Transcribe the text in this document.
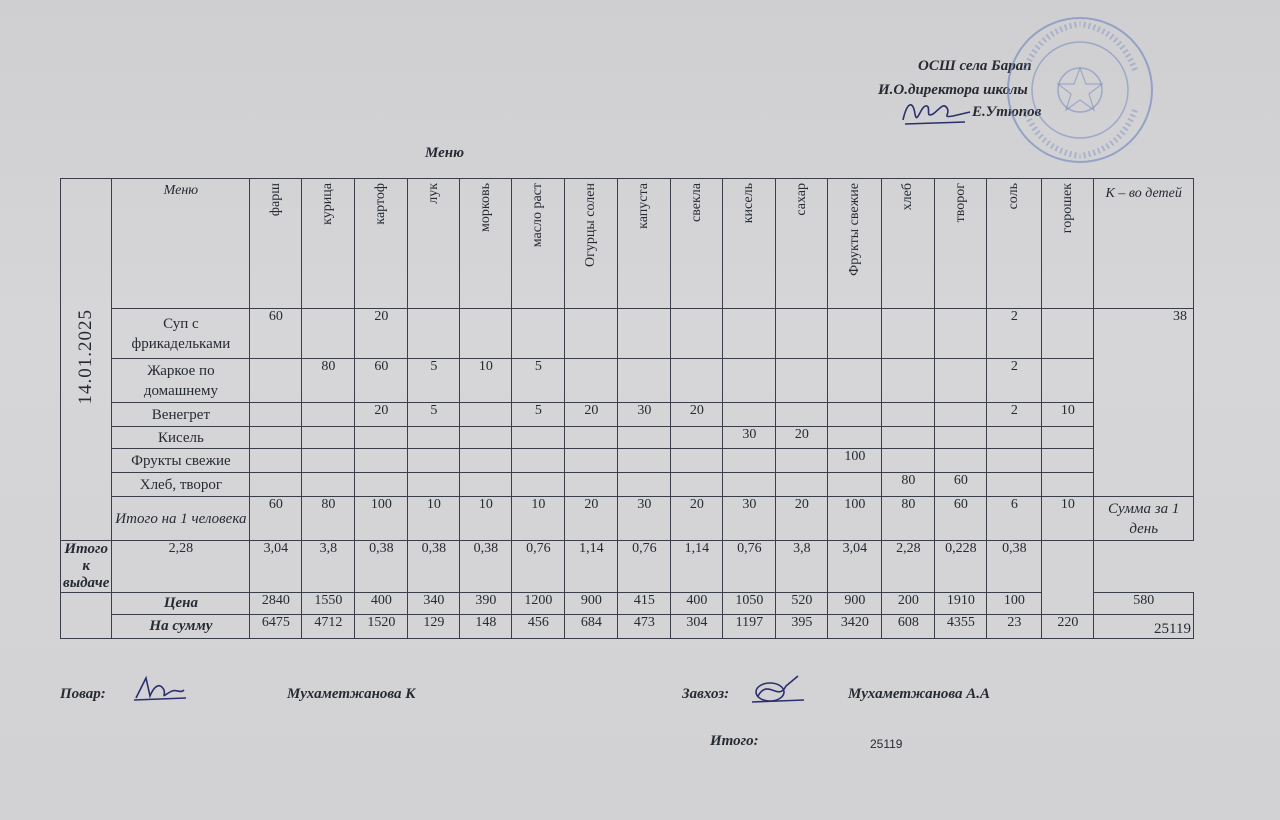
ОСШ села Барап
И.О.директора школы
Е.Утюпов
Меню
14.01.2025	Меню	фарш	курица	картоф	лук	морковь	масло раст	Огурцы солен	капуста	свекла	кисель	сахар	Фрукты свежие	хлеб	творог	соль	горошек	К – во детей
	Суп с фрикадельками	60		20												2		38
	Жаркое по домашнему		80	60	5	10	5									2		
	Венегрет			20	5		5	20	30	20						2	10	
	Кисель										30	20						
	Фрукты свежие												100					
	Хлеб, творог													80	60			
	Итого на 1 человека	60	80	100	10	10	10	20	30	20	30	20	100	80	60	6	10	Сумма за 1 день
Итого к выдаче	2,28	3,04	3,8	0,38	0,38	0,38	0,76	1,14	0,76	1,14	0,76	3,8	3,04	2,28	0,228	0,38		
	Цена	2840	1550	400	340	390	1200	900	415	400	1050	520	900	200	1910	100		580
	На сумму	6475	4712	1520	129	148	456	684	473	304	1197	395	3420	608	4355	23	220	25119
Повар:	Мухаметжанова К	Завхоз:	Мухаметжанова А.А
Итого:	25119
